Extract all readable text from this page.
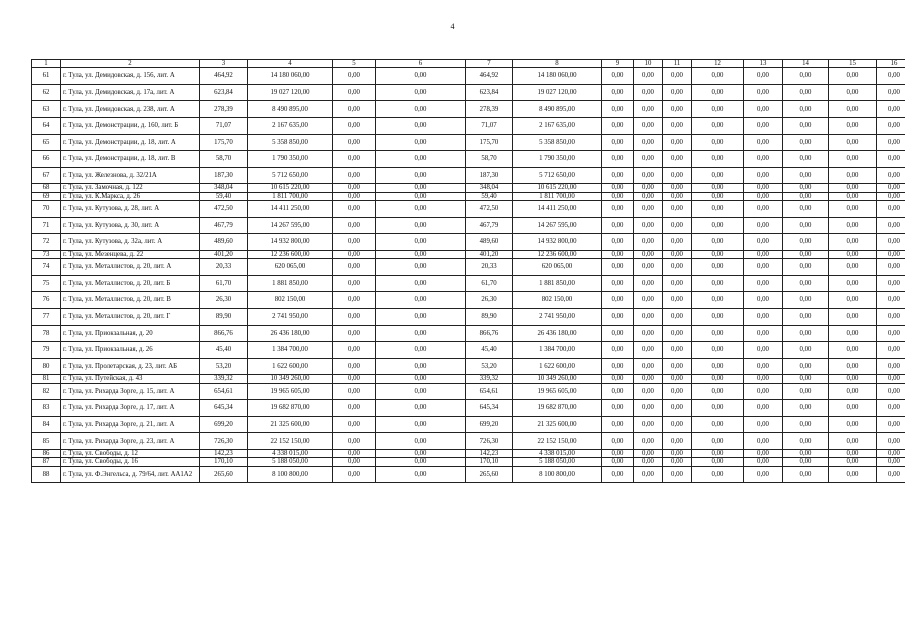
4
1	2	3	4	5	6	7	8	9	10	11	12	13	14	15	16
61	г. Тула, ул. Демидовская, д. 156, лит. А	464,92	14 180 060,00	0,00	0,00	464,92	14 180 060,00	0,00	0,00	0,00	0,00	0,00	0,00	0,00	0,00
62	г. Тула, ул. Демидовская, д. 17а, лит. А	623,84	19 027 120,00	0,00	0,00	623,84	19 027 120,00	0,00	0,00	0,00	0,00	0,00	0,00	0,00	0,00
63	г. Тула, ул. Демидовская, д. 238, лит. А	278,39	8 490 895,00	0,00	0,00	278,39	8 490 895,00	0,00	0,00	0,00	0,00	0,00	0,00	0,00	0,00
64	г. Тула, ул. Демонстрации, д. 160, лит. Б	71,07	2 167 635,00	0,00	0,00	71,07	2 167 635,00	0,00	0,00	0,00	0,00	0,00	0,00	0,00	0,00
65	г. Тула, ул. Демонстрации, д. 18, лит. А	175,70	5 358 850,00	0,00	0,00	175,70	5 358 850,00	0,00	0,00	0,00	0,00	0,00	0,00	0,00	0,00
66	г. Тула, ул. Демонстрации, д. 18, лит. В	58,70	1 790 350,00	0,00	0,00	58,70	1 790 350,00	0,00	0,00	0,00	0,00	0,00	0,00	0,00	0,00
67	г. Тула, ул. Железнова, д. 32/21А	187,30	5 712 650,00	0,00	0,00	187,30	5 712 650,00	0,00	0,00	0,00	0,00	0,00	0,00	0,00	0,00
68	г. Тула, ул. Замочная, д. 122	348,04	10 615 220,00	0,00	0,00	348,04	10 615 220,00	0,00	0,00	0,00	0,00	0,00	0,00	0,00	0,00
69	г. Тула, ул. К.Маркса, д. 26	59,40	1 811 700,00	0,00	0,00	59,40	1 811 700,00	0,00	0,00	0,00	0,00	0,00	0,00	0,00	0,00
70	г. Тула, ул. Кутузова, д. 28, лит. А	472,50	14 411 250,00	0,00	0,00	472,50	14 411 250,00	0,00	0,00	0,00	0,00	0,00	0,00	0,00	0,00
71	г. Тула, ул. Кутузова, д. 30, лит. А	467,79	14 267 595,00	0,00	0,00	467,79	14 267 595,00	0,00	0,00	0,00	0,00	0,00	0,00	0,00	0,00
72	г. Тула, ул. Кутузова, д. 32а, лит. А	489,60	14 932 800,00	0,00	0,00	489,60	14 932 800,00	0,00	0,00	0,00	0,00	0,00	0,00	0,00	0,00
73	г. Тула, ул. Мезенцева, д. 22	401,20	12 236 600,00	0,00	0,00	401,20	12 236 600,00	0,00	0,00	0,00	0,00	0,00	0,00	0,00	0,00
74	г. Тула, ул. Металлистов, д. 20, лит. А	20,33	620 065,00	0,00	0,00	20,33	620 065,00	0,00	0,00	0,00	0,00	0,00	0,00	0,00	0,00
75	г. Тула, ул. Металлистов, д. 20, лит. Б	61,70	1 881 850,00	0,00	0,00	61,70	1 881 850,00	0,00	0,00	0,00	0,00	0,00	0,00	0,00	0,00
76	г. Тула, ул. Металлистов, д. 20, лит. В	26,30	802 150,00	0,00	0,00	26,30	802 150,00	0,00	0,00	0,00	0,00	0,00	0,00	0,00	0,00
77	г. Тула, ул. Металлистов, д. 20, лит. Г	89,90	2 741 950,00	0,00	0,00	89,90	2 741 950,00	0,00	0,00	0,00	0,00	0,00	0,00	0,00	0,00
78	г. Тула, ул. Приокзальная, д. 20	866,76	26 436 180,00	0,00	0,00	866,76	26 436 180,00	0,00	0,00	0,00	0,00	0,00	0,00	0,00	0,00
79	г. Тула, ул. Приокзальная, д. 26	45,40	1 384 700,00	0,00	0,00	45,40	1 384 700,00	0,00	0,00	0,00	0,00	0,00	0,00	0,00	0,00
80	г. Тула, ул. Пролетарская, д. 23, лит. АБ	53,20	1 622 600,00	0,00	0,00	53,20	1 622 600,00	0,00	0,00	0,00	0,00	0,00	0,00	0,00	0,00
81	г. Тула, ул. Путейская, д. 43	339,32	10 349 260,00	0,00	0,00	339,32	10 349 260,00	0,00	0,00	0,00	0,00	0,00	0,00	0,00	0,00
82	г. Тула, ул. Рихарда Зорге, д. 15, лит. А	654,61	19 965 605,00	0,00	0,00	654,61	19 965 605,00	0,00	0,00	0,00	0,00	0,00	0,00	0,00	0,00
83	г. Тула, ул. Рихарда Зорге, д. 17, лит. А	645,34	19 682 870,00	0,00	0,00	645,34	19 682 870,00	0,00	0,00	0,00	0,00	0,00	0,00	0,00	0,00
84	г. Тула, ул. Рихарда Зорге, д. 21, лит. А	699,20	21 325 600,00	0,00	0,00	699,20	21 325 600,00	0,00	0,00	0,00	0,00	0,00	0,00	0,00	0,00
85	г. Тула, ул. Рихарда Зорге, д. 23, лит. А	726,30	22 152 150,00	0,00	0,00	726,30	22 152 150,00	0,00	0,00	0,00	0,00	0,00	0,00	0,00	0,00
86	г. Тула, ул. Свободы, д. 12	142,23	4 338 015,00	0,00	0,00	142,23	4 338 015,00	0,00	0,00	0,00	0,00	0,00	0,00	0,00	0,00
87	г. Тула, ул. Свободы, д. 16	170,10	5 188 050,00	0,00	0,00	170,10	5 188 050,00	0,00	0,00	0,00	0,00	0,00	0,00	0,00	0,00
88	г. Тула, ул. Ф.Энгельса, д. 79/64, лит. АА1А2	265,60	8 100 800,00	0,00	0,00	265,60	8 100 800,00	0,00	0,00	0,00	0,00	0,00	0,00	0,00	0,00
